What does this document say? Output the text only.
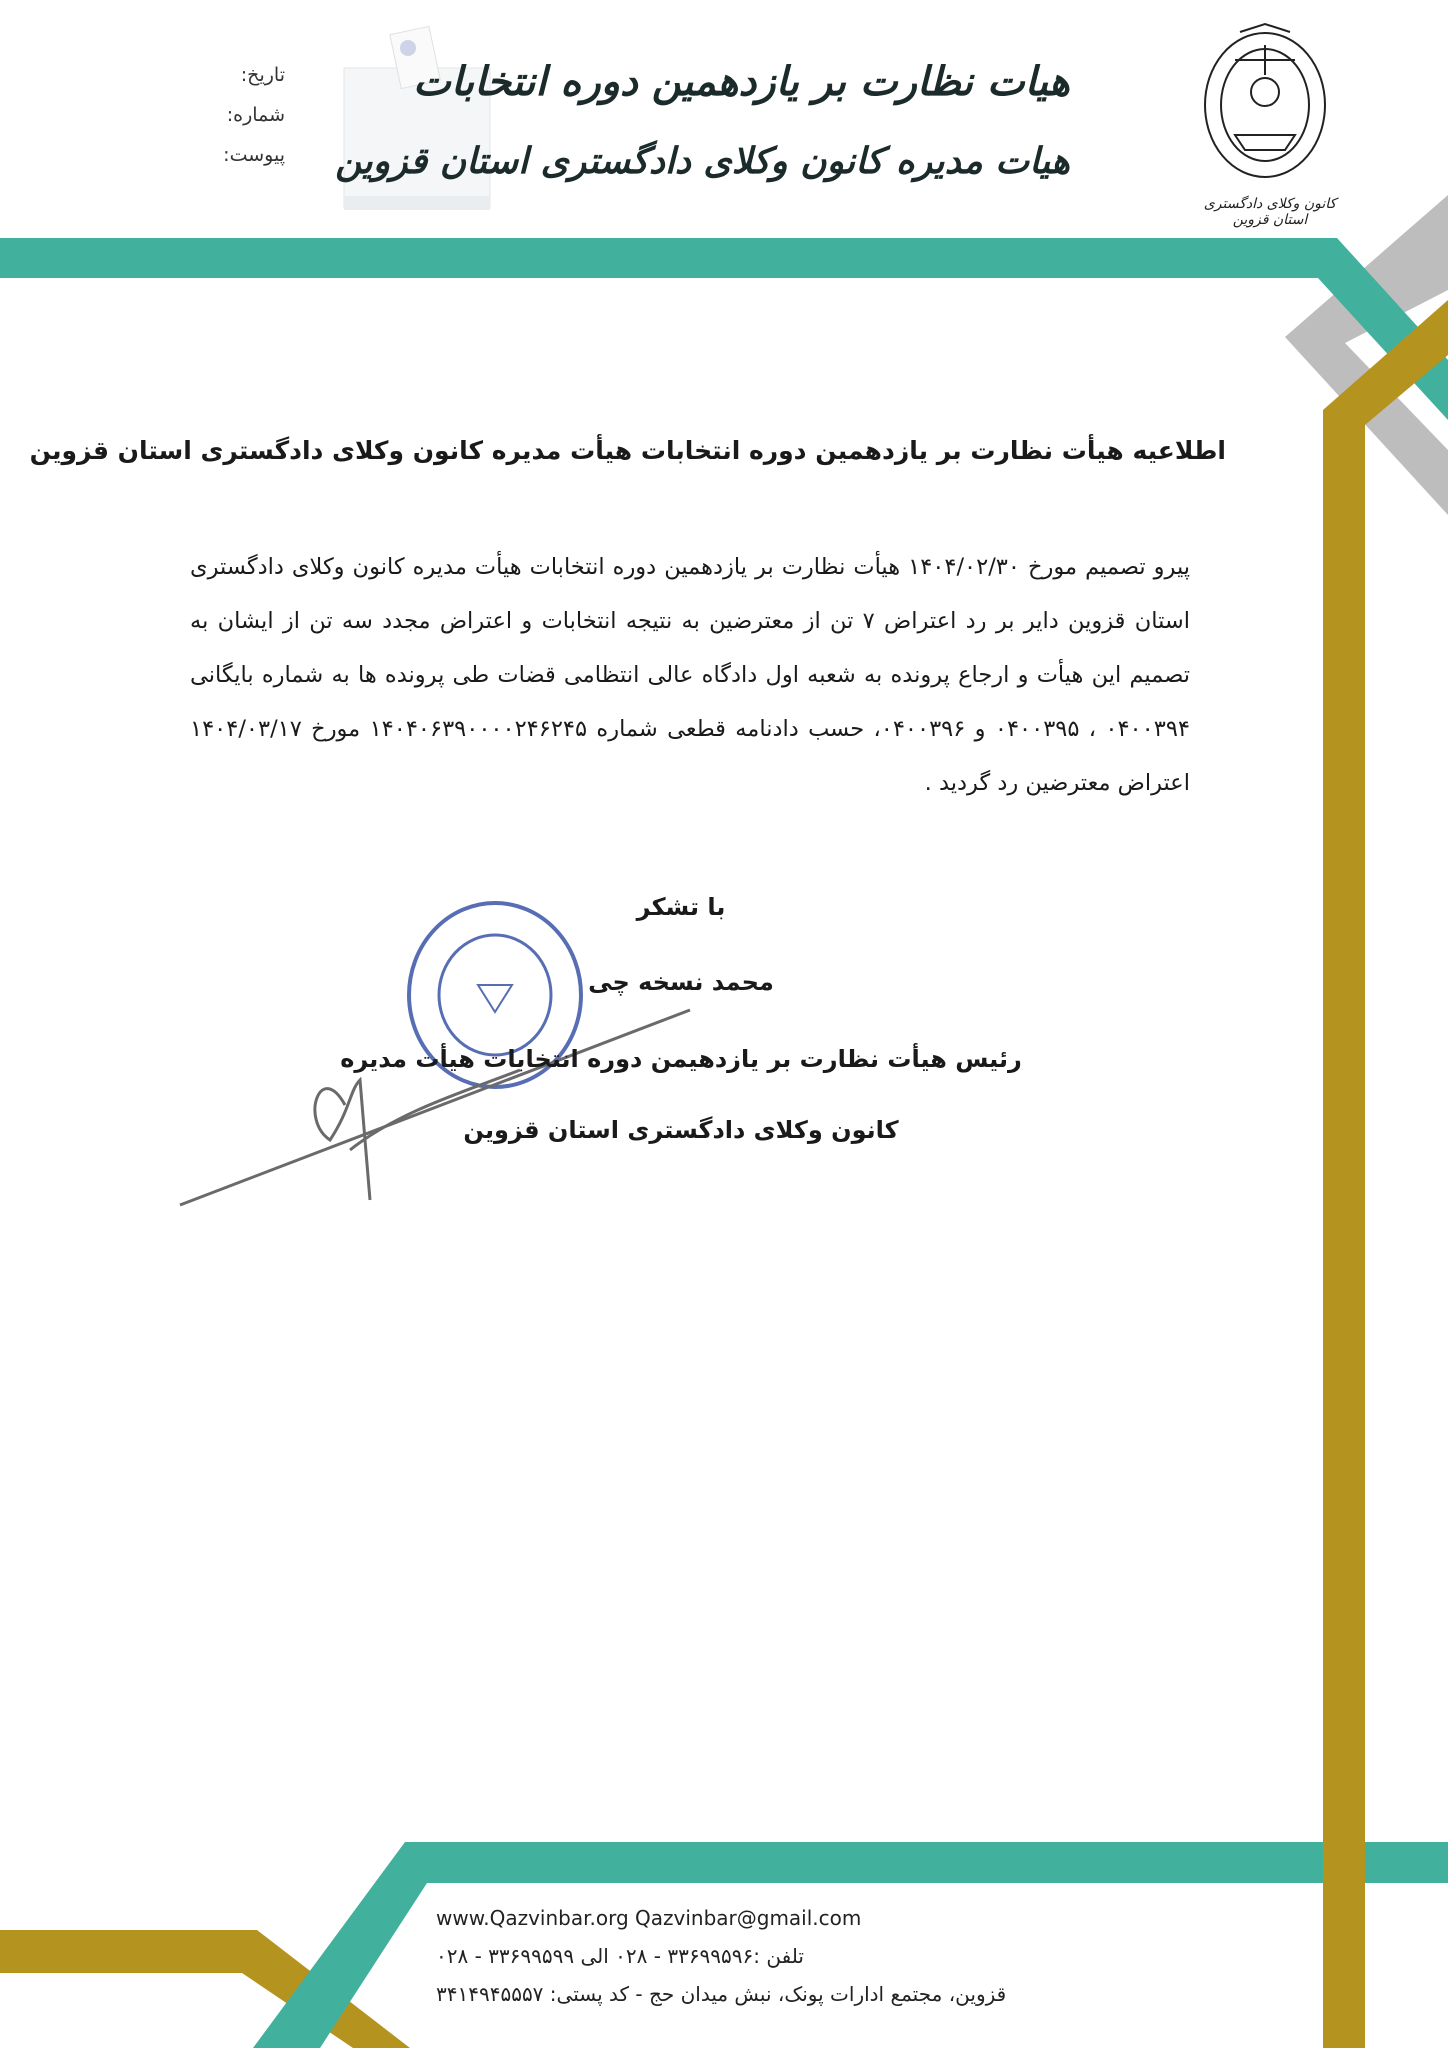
تاریخ:
شماره:
پیوست:
هیات نظارت بر یازدهمین دوره انتخابات
هیات مدیره کانون وکلای دادگستری استان قزوین
کانون وکلای دادگستری استان قزوین
اطلاعیه هیأت نظارت بر یازدهمین دوره انتخابات هیأت مدیره کانون وکلای دادگستری استان قزوین
پیرو تصمیم مورخ ۱۴۰۴/۰۲/۳۰ هیأت نظارت بر یازدهمین دوره انتخابات هیأت مدیره کانون وکلای دادگستری استان قزوین دایر بر رد اعتراض ۷ تن از معترضین به نتیجه انتخابات و اعتراض مجدد سه تن از ایشان به تصمیم این هیأت و ارجاع پرونده به شعبه اول دادگاه عالی انتظامی قضات طی پرونده ها به شماره بایگانی ۰۴۰۰۳۹۴ ، ۰۴۰۰۳۹۵ و ۰۴۰۰۳۹۶، حسب دادنامه قطعی شماره ۱۴۰۴۰۶۳۹۰۰۰۰۲۴۶۲۴۵ مورخ ۱۴۰۴/۰۳/۱۷ اعتراض معترضین رد گردید .
با تشکر
محمد نسخه چی
رئیس هیأت نظارت بر یازدهیمن دوره انتخابات هیأت مدیره
کانون وکلای دادگستری استان قزوین
www.Qazvinbar.org Qazvinbar@gmail.com
تلفن :۳۳۶۹۹۵۹۶ - ۰۲۸ الی ۳۳۶۹۹۵۹۹ - ۰۲۸
قزوین، مجتمع ادارات پونک، نبش میدان حج - کد پستی: ۳۴۱۴۹۴۵۵۵۷
